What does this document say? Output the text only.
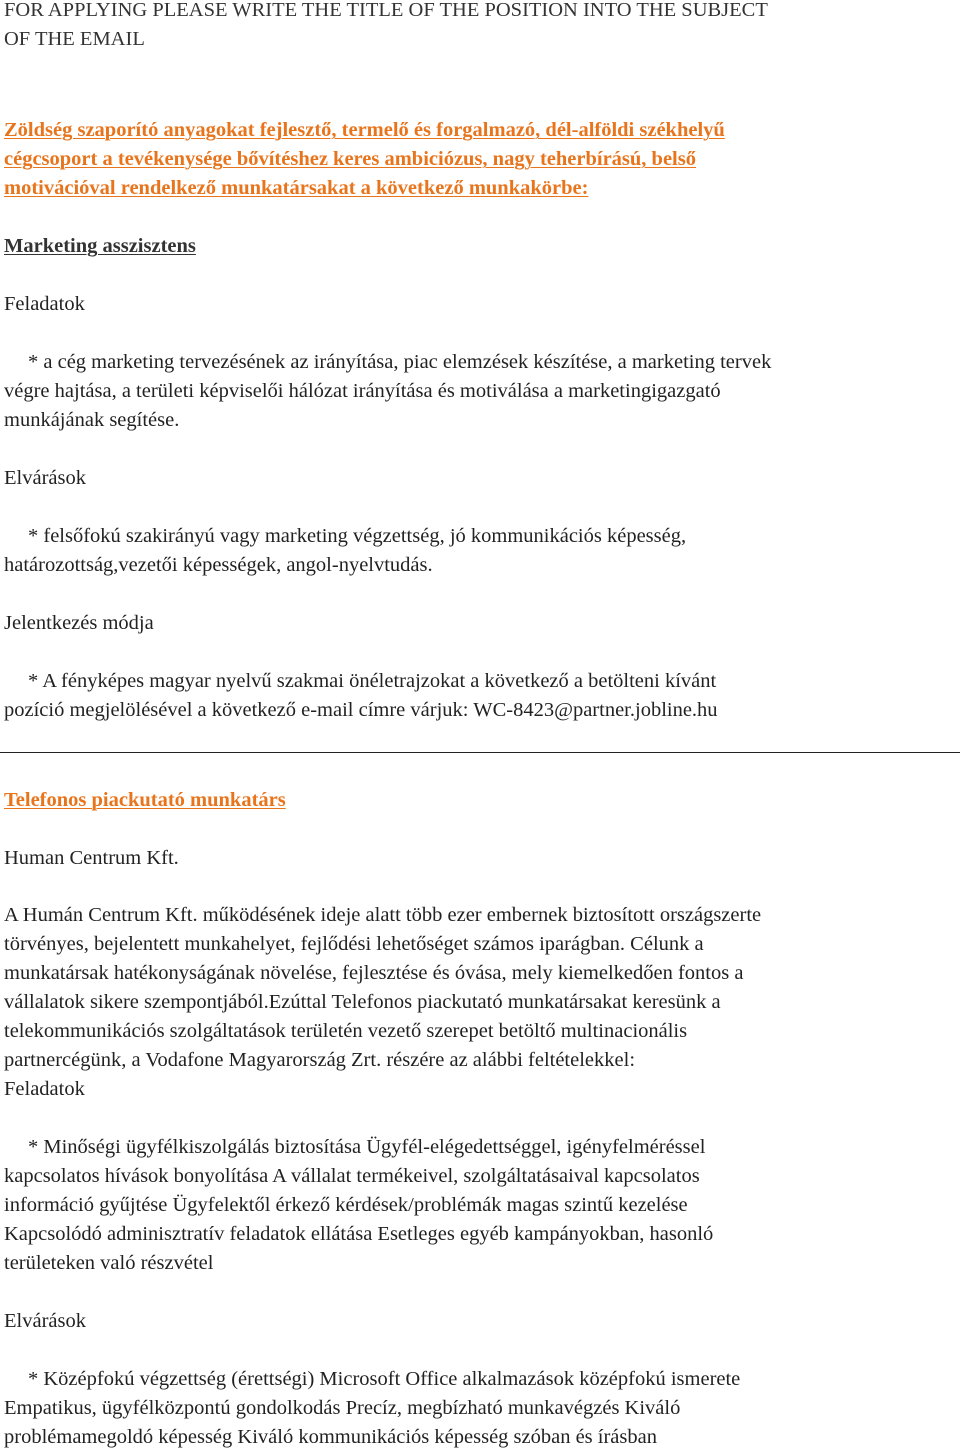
FOR APPLYING PLEASE WRITE THE TITLE OF THE POSITION INTO THE SUBJECT
OF THE EMAIL
Zöldség szaporító anyagokat fejlesztő, termelő és forgalmazó, dél-alföldi székhelyű
cégcsoport a tevékenysége bővítéshez keres ambiciózus, nagy teherbírású, belső
motivációval rendelkező munkatársakat a következő munkakörbe:
Marketing asszisztens
Feladatok
* a cég marketing tervezésének az irányítása, piac elemzések készítése, a marketing tervek
végre hajtása, a területi képviselői hálózat irányítása és motiválása a marketingigazgató
munkájának segítése.
Elvárások
* felsőfokú szakirányú vagy marketing végzettség, jó kommunikációs képesség,
határozottság,vezetői képességek, angol-nyelvtudás.
Jelentkezés módja
* A fényképes magyar nyelvű szakmai önéletrajzokat a következő a betölteni kívánt
pozíció megjelölésével a következő e-mail címre várjuk: WC-8423@partner.jobline.hu
Telefonos piackutató munkatárs
Human Centrum Kft.
A Humán Centrum Kft. működésének ideje alatt több ezer embernek biztosított országszerte
törvényes, bejelentett munkahelyet, fejlődési lehetőséget számos iparágban. Célunk a
munkatársak hatékonyságának növelése, fejlesztése és óvása, mely kiemelkedően fontos a
vállalatok sikere szempontjából.Ezúttal Telefonos piackutató munkatársakat keresünk a
telekommunikációs szolgáltatások területén vezető szerepet betöltő multinacionális
partnercégünk, a Vodafone Magyarország Zrt. részére az alábbi feltételekkel:
Feladatok
* Minőségi ügyfélkiszolgálás biztosítása Ügyfél-elégedettséggel, igényfelméréssel
kapcsolatos hívások bonyolítása A vállalat termékeivel, szolgáltatásaival kapcsolatos
információ gyűjtése Ügyfelektől érkező kérdések/problémák magas szintű kezelése
Kapcsolódó adminisztratív feladatok ellátása Esetleges egyéb kampányokban, hasonló
területeken való részvétel
Elvárások
* Középfokú végzettség (érettségi) Microsoft Office alkalmazások középfokú ismerete
Empatikus, ügyfélközpontú gondolkodás Precíz, megbízható munkavégzés Kiváló
problémamegoldó képesség Kiváló kommunikációs képesség szóban és írásban
